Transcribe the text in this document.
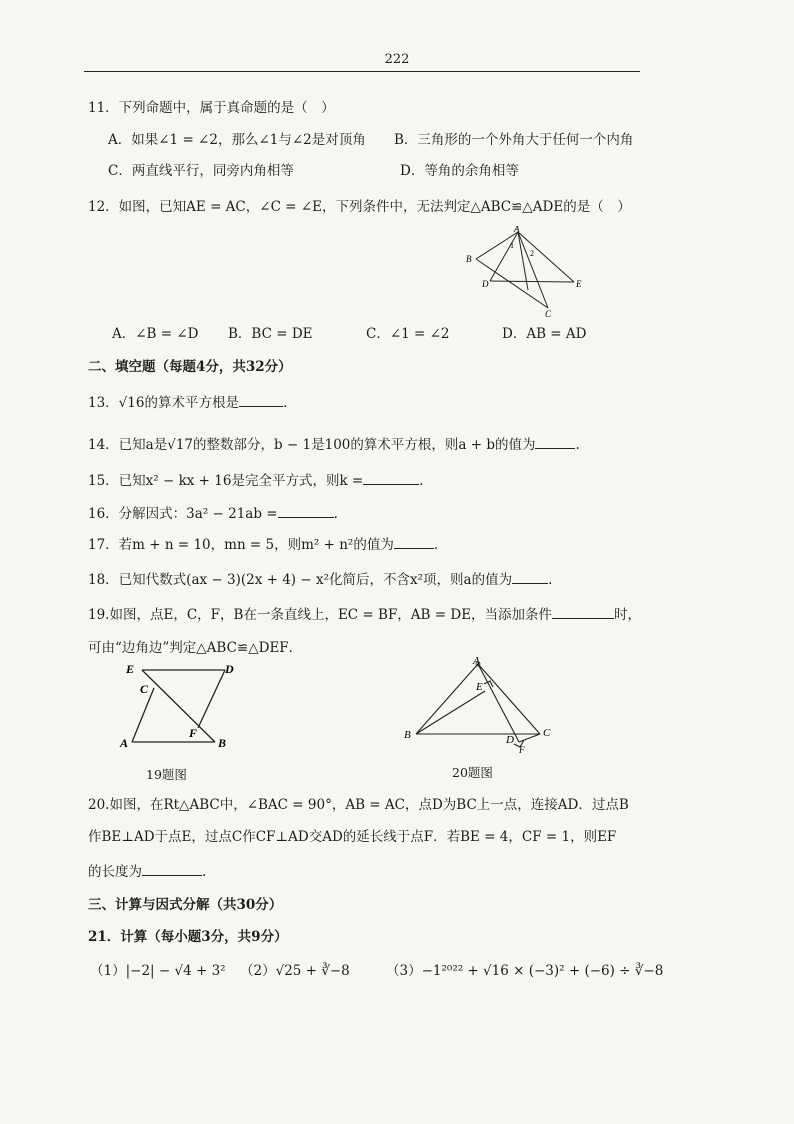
222
11．下列命题中，属于真命题的是（　）
A．如果∠1 = ∠2，那么∠1与∠2是对顶角 B．三角形的一个外角大于任何一个内角
C．两直线平行，同旁内角相等	D．等角的余角相等
12．如图，已知AE = AC，∠C = ∠E，下列条件中，无法判定△ABC≌△ADE的是（　）
A
B
D	E
C
1
2
A．∠B = ∠D B．BC = DE	C．∠1 = ∠2	D．AB = AD
二、填空题（每题4分，共32分）
13．√16的算术平方根是	.
14．已知a是√17的整数部分，b − 1是100的算术平方根，则a + b的值为	.
15．已知x² − kx + 16是完全平方式，则k =	.
16．分解因式：3a² − 21ab =	.
17．若m + n = 10，mn = 5，则m² + n²的值为	.
18．已知代数式(ax − 3)(2x + 4) − x²化简后，不含x²项，则a的值为	.
19.如图，点E，C，F，B在一条直线上，EC = BF，AB = DE，当添加条件	时，
可由“边角边”判定△ABC≌△DEF．
E	D
C
F
A	B
19题图
A
E
B	D
C
F
20题图
20.如图，在Rt△ABC中，∠BAC = 90°，AB = AC，点D为BC上一点，连接AD．过点B
作BE⊥AD于点E，过点C作CF⊥AD交AD的延长线于点F．若BE = 4，CF = 1，则EF
的长度为	.
三、计算与因式分解（共30分）
21．计算（每小题3分，共9分）
（1）|−2| − √4 + 3² （2）√25 + ∛−8	（3）−1²⁰²² + √16 × (−3)² + (−6) ÷ ∛−8
